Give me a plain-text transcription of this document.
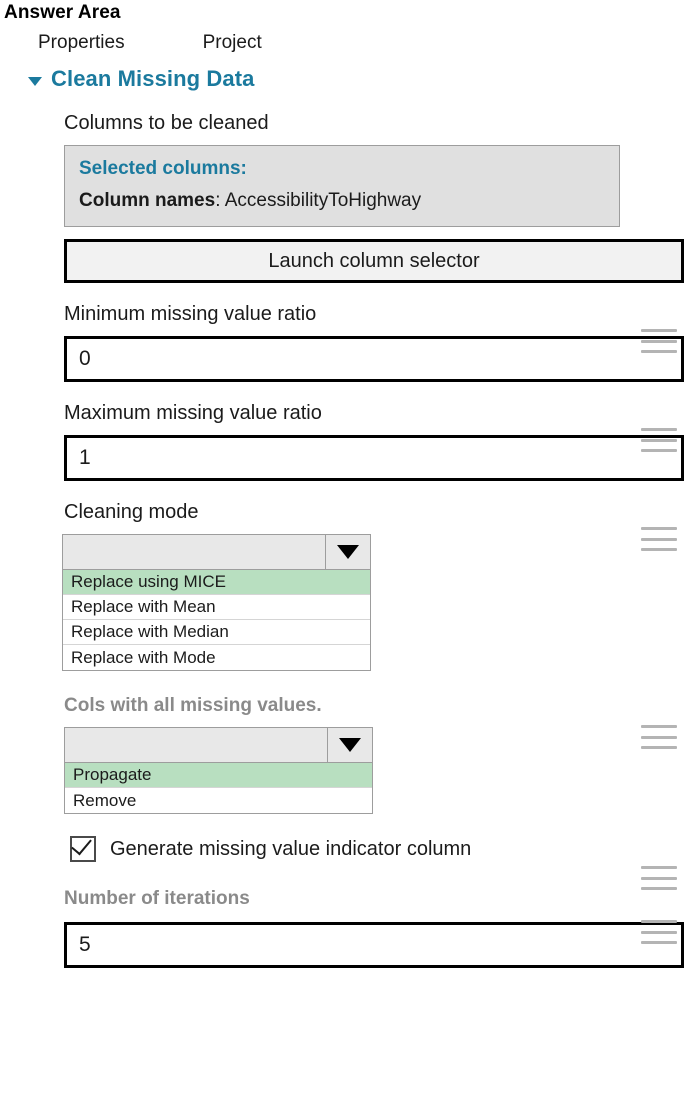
Answer Area
Properties	Project
Clean Missing Data
Columns to be cleaned
Selected columns:
Column names: AccessibilityToHighway
Launch column selector
Minimum missing value ratio
0
Maximum missing value ratio
1
Cleaning mode
Replace using MICE
Replace with Mean
Replace with Median
Replace with Mode
Cols with all missing values.
Propagate
Remove
Generate missing value indicator column
Number of iterations
5
